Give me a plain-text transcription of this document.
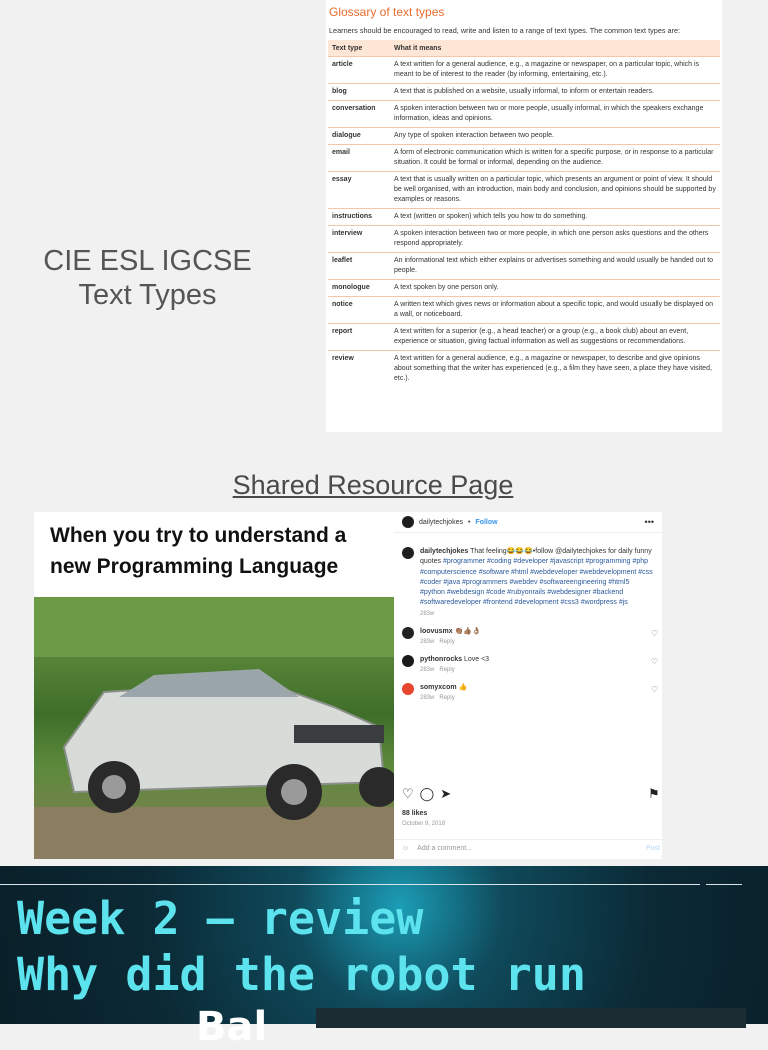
CIE ESL IGCSE
Text Types
Glossary of text types
Learners should be encouraged to read, write and listen to a range of text types. The common text types are:
Text type	What it means
article	A text written for a general audience, e.g., a magazine or newspaper, on a particular topic, which is meant to be of interest to the reader (by informing, entertaining, etc.).
blog	A text that is published on a website, usually informal, to inform or entertain readers.
conversation	A spoken interaction between two or more people, usually informal, in which the speakers exchange information, ideas and opinions.
dialogue	Any type of spoken interaction between two people.
email	A form of electronic communication which is written for a specific purpose, or in response to a particular situation. It could be formal or informal, depending on the audience.
essay	A text that is usually written on a particular topic, which presents an argument or point of view. It should be well organised, with an introduction, main body and conclusion, and opinions should be supported by examples or reasons.
instructions	A text (written or spoken) which tells you how to do something.
interview	A spoken interaction between two or more people, in which one person asks questions and the others respond appropriately.
leaflet	An informational text which either explains or advertises something and would usually be handed out to people.
monologue	A text spoken by one person only.
notice	A written text which gives news or information about a specific topic, and would usually be displayed on a wall, or noticeboard.
report	A text written for a superior (e.g., a head teacher) or a group (e.g., a book club) about an event, experience or situation, giving factual information as well as suggestions or recommendations.
review	A text written for a general audience, e.g., a magazine or newspaper, to describe and give opinions about something that the writer has experienced (e.g., a film they have seen, a place they have visited, etc.).
Shared Resource Page
When you try to understand a new Programming Language
dailytechjokes • Follow	•••
dailytechjokes That feeling😂😂😂•follow @dailytechjokes for daily funny quotes #programmer #coding #developer #javascript #programming #php #computerscience #software #html #webdeveloper #webdevelopment #css #coder #java #programmers #webdev #softwareengineering #html5 #python #webdesign #code #rubyonrails #webdesigner #backend #softwaredeveloper #frontend #development #css3 #wordpress #js
283w
loovusmx 👏🏽👍🏽👌🏽
283w Reply
♡
pythonrocks Love <3
283w Reply
♡
somyxcom 👍
283w Reply
♡
♡ ◯ ➤	⚑
88 likes
October 9, 2018
☺ Add a comment...	Post
Week 2 – review
Why did the robot run
Bal
